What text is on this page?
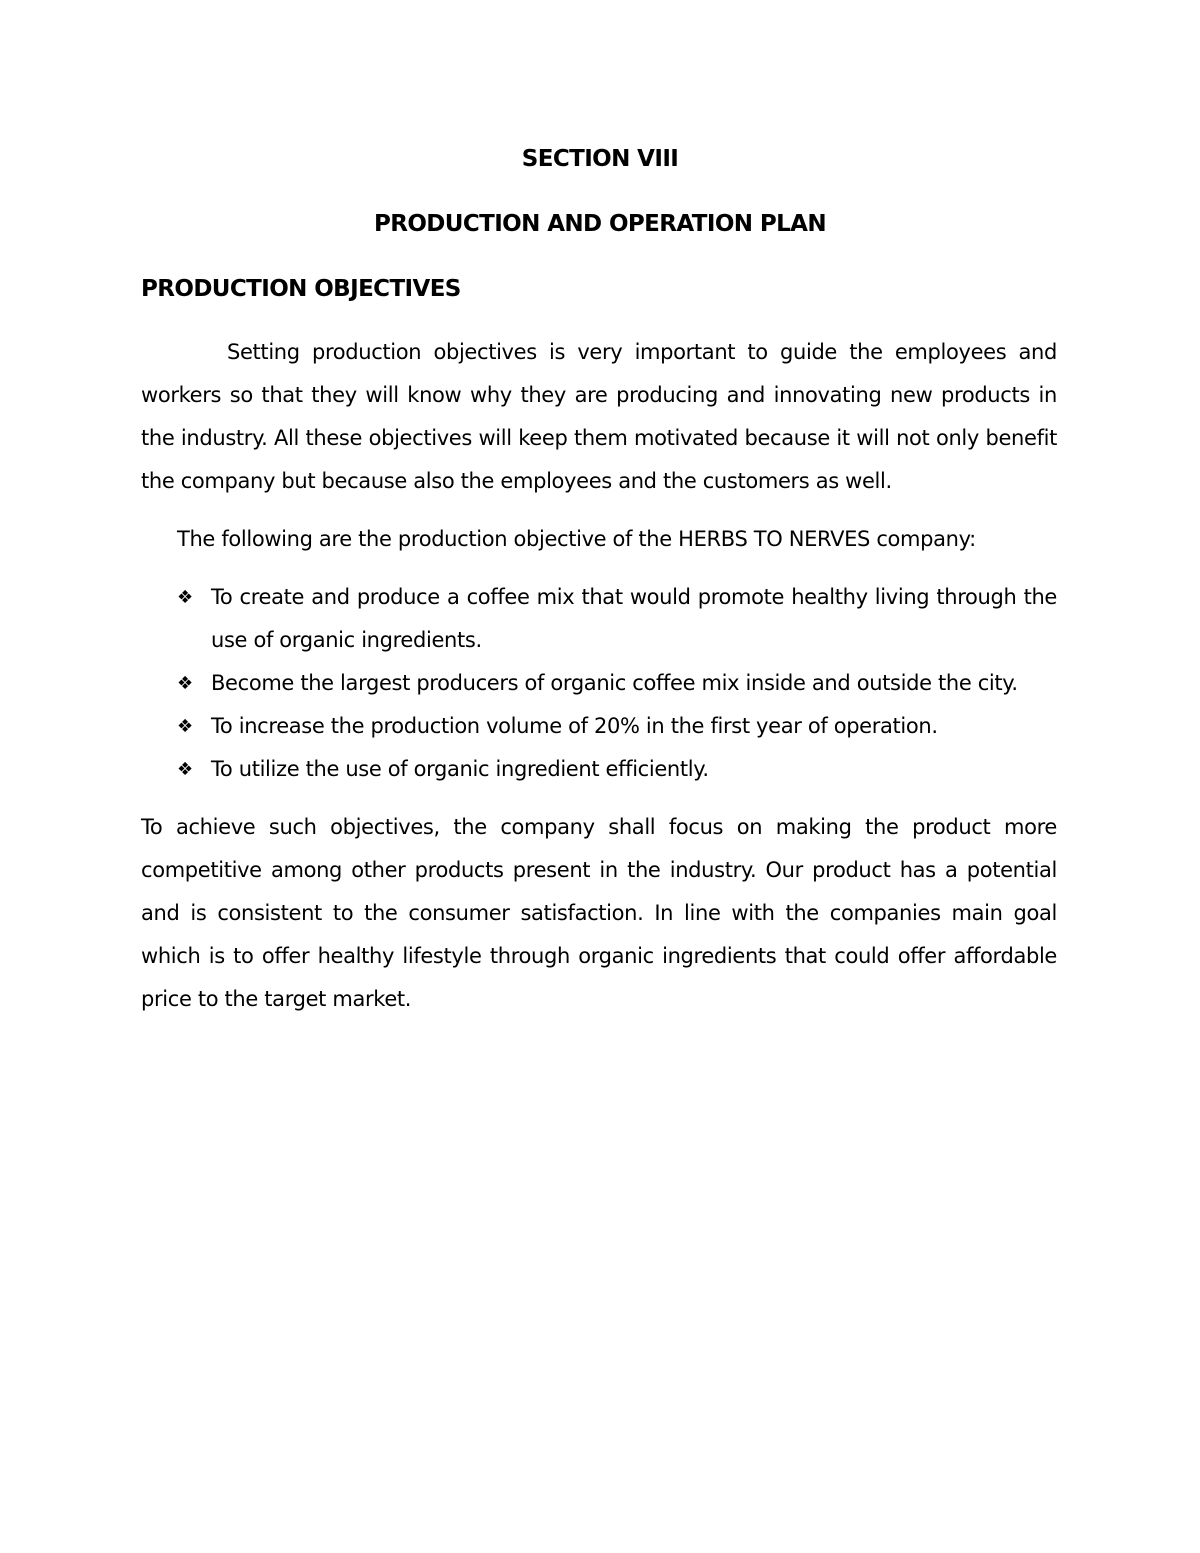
SECTION VIII
PRODUCTION AND OPERATION PLAN
PRODUCTION OBJECTIVES

Setting production objectives is very important to guide the employees and workers so that they will know why they are producing and innovating new products in the industry. All these objectives will keep them motivated because it will not only benefit the company but because also the employees and the customers as well.

The following are the production objective of the HERBS TO NERVES company:

❖ To create and produce a coffee mix that would promote healthy living through the use of organic ingredients.
❖ Become the largest producers of organic coffee mix inside and outside the city.
❖ To increase the production volume of 20% in the first year of operation.
❖ To utilize the use of organic ingredient efficiently.

To achieve such objectives, the company shall focus on making the product more competitive among other products present in the industry. Our product has a potential and is consistent to the consumer satisfaction. In line with the companies main goal which is to offer healthy lifestyle through organic ingredients that could offer affordable price to the target market.
